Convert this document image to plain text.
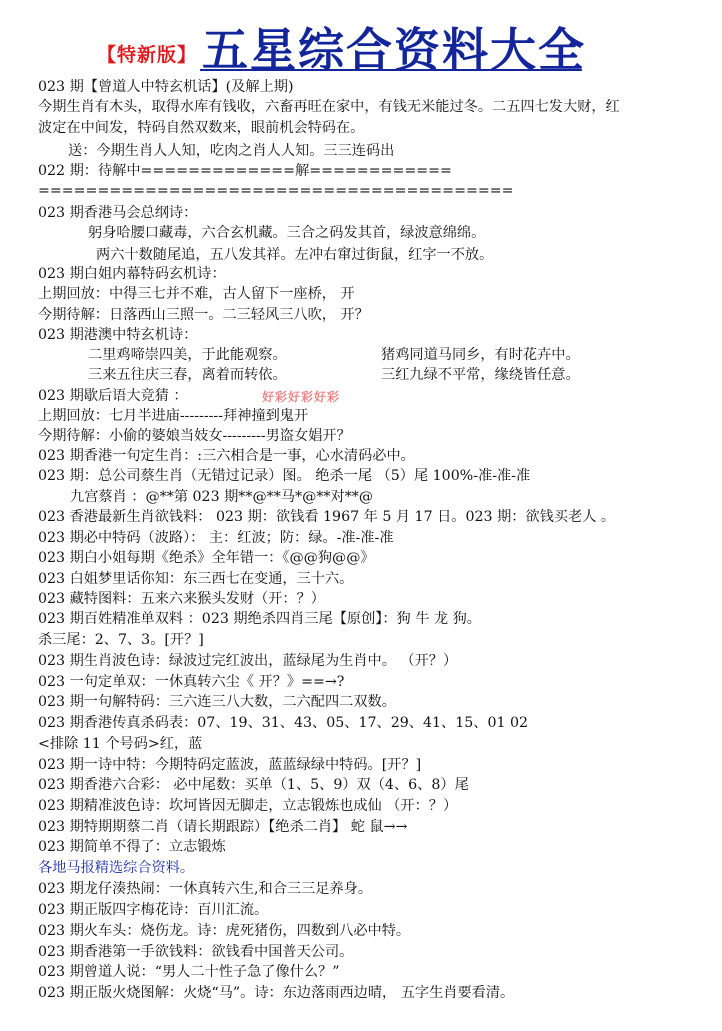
【特新版】 五星综合资料大全
023 期【曾道人中特玄机话】(及解上期)
今期生肖有木头，取得水库有钱收，六畜再旺在家中，有钱无米能过冬。二五四七发大财，红
波定在中间发，特码自然双数来，眼前机会特码在。
送：今期生肖人人知，吃肉之肖人人知。三三连码出
022 期：待解中=============解============
========================================
023 期香港马会总纲诗：
躬身哈腰口藏毒，六合玄机藏。三合之码发其首，绿波意绵绵。
两六十数随尾追，五八发其祥。左冲右窜过街鼠，红字一不放。
023 期白姐内幕特码玄机诗：
上期回放：中得三七并不难，古人留下一座桥， 开
今期待解：日落西山三照一。二三轻风三八吹， 开？
023 期港澳中特玄机诗：
二里鸡啼崇四美，于此能观察。	猪鸡同道马同乡，有时花卉中。
三来五往庆三春，离着而转依。	三红九绿不平常，缘绕皆任意。
023 期歇后语大竞猜 ：	好彩好彩好彩
上期回放：七月半进庙---------拜神撞到鬼开
今期待解：小偷的婆娘当妓女---------男盗女娼开？
023 期香港一句定生肖：:三六相合是一事，心水清码必中。
023 期：总公司蔡生肖（无错过记录）图。 绝杀一尾 （5）尾 100%-准-准-准
九宫蔡肖 ：@**第 023 期**@**马*@**对**@
023 香港最新生肖欲钱料： 023 期：欲钱看 1967 年 5 月 17 日。023 期：欲钱买老人 。
023 期必中特码（波路）： 主：红波；防：绿。-准-准-准
023 期白小姐每期《绝杀》全年错一：《@@狗@@》
023 白姐梦里话你知：东三西七在变通，三十六。
023 藏特图料：五来六来猴头发财（开：？）
023 期百姓精准单双料 ：023 期绝杀四肖三尾【原创】：狗 牛 龙 狗。
杀三尾：2、7、3。[开？]
023 期生肖波色诗：绿波过完红波出，蓝绿尾为生肖中。 （开？）
023 一句定单双：一休真转六尘《 开？》==→?
023 期一句解特码：三六连三八大数，二六配四二双数。
023 期香港传真杀码表：07、19、31、43、05、17、29、41、15、01 02
<排除 11 个号码>红，蓝
023 期一诗中特：今期特码定蓝波，蓝蓝绿绿中特码。[开？]
023 期香港六合彩： 必中尾数：买单（1、5、9）双（4、6、8）尾
023 期精准波色诗：坎坷皆因无脚走，立志锻炼也成仙 （开：？）
023 期特期期蔡二肖（请长期跟踪）【绝杀二肖】 蛇 鼠→→
023 期简单不得了：立志锻炼
各地马报精选综合资料。
023 期龙仔湊热闹：一休真转六生,和合三三足养身。
023 期正版四字梅花诗：百川汇流。
023 期火车头：烧伤龙。诗：虎死猪伤，四数到八必中特。
023 期香港第一手欲钱料：欲钱看中国普天公司。
023 期曾道人说：“男人二十性子急了像什么？”
023 期正版火烧图解：火烧“马”。诗：东边落雨西边晴， 五字生肖要看清。
